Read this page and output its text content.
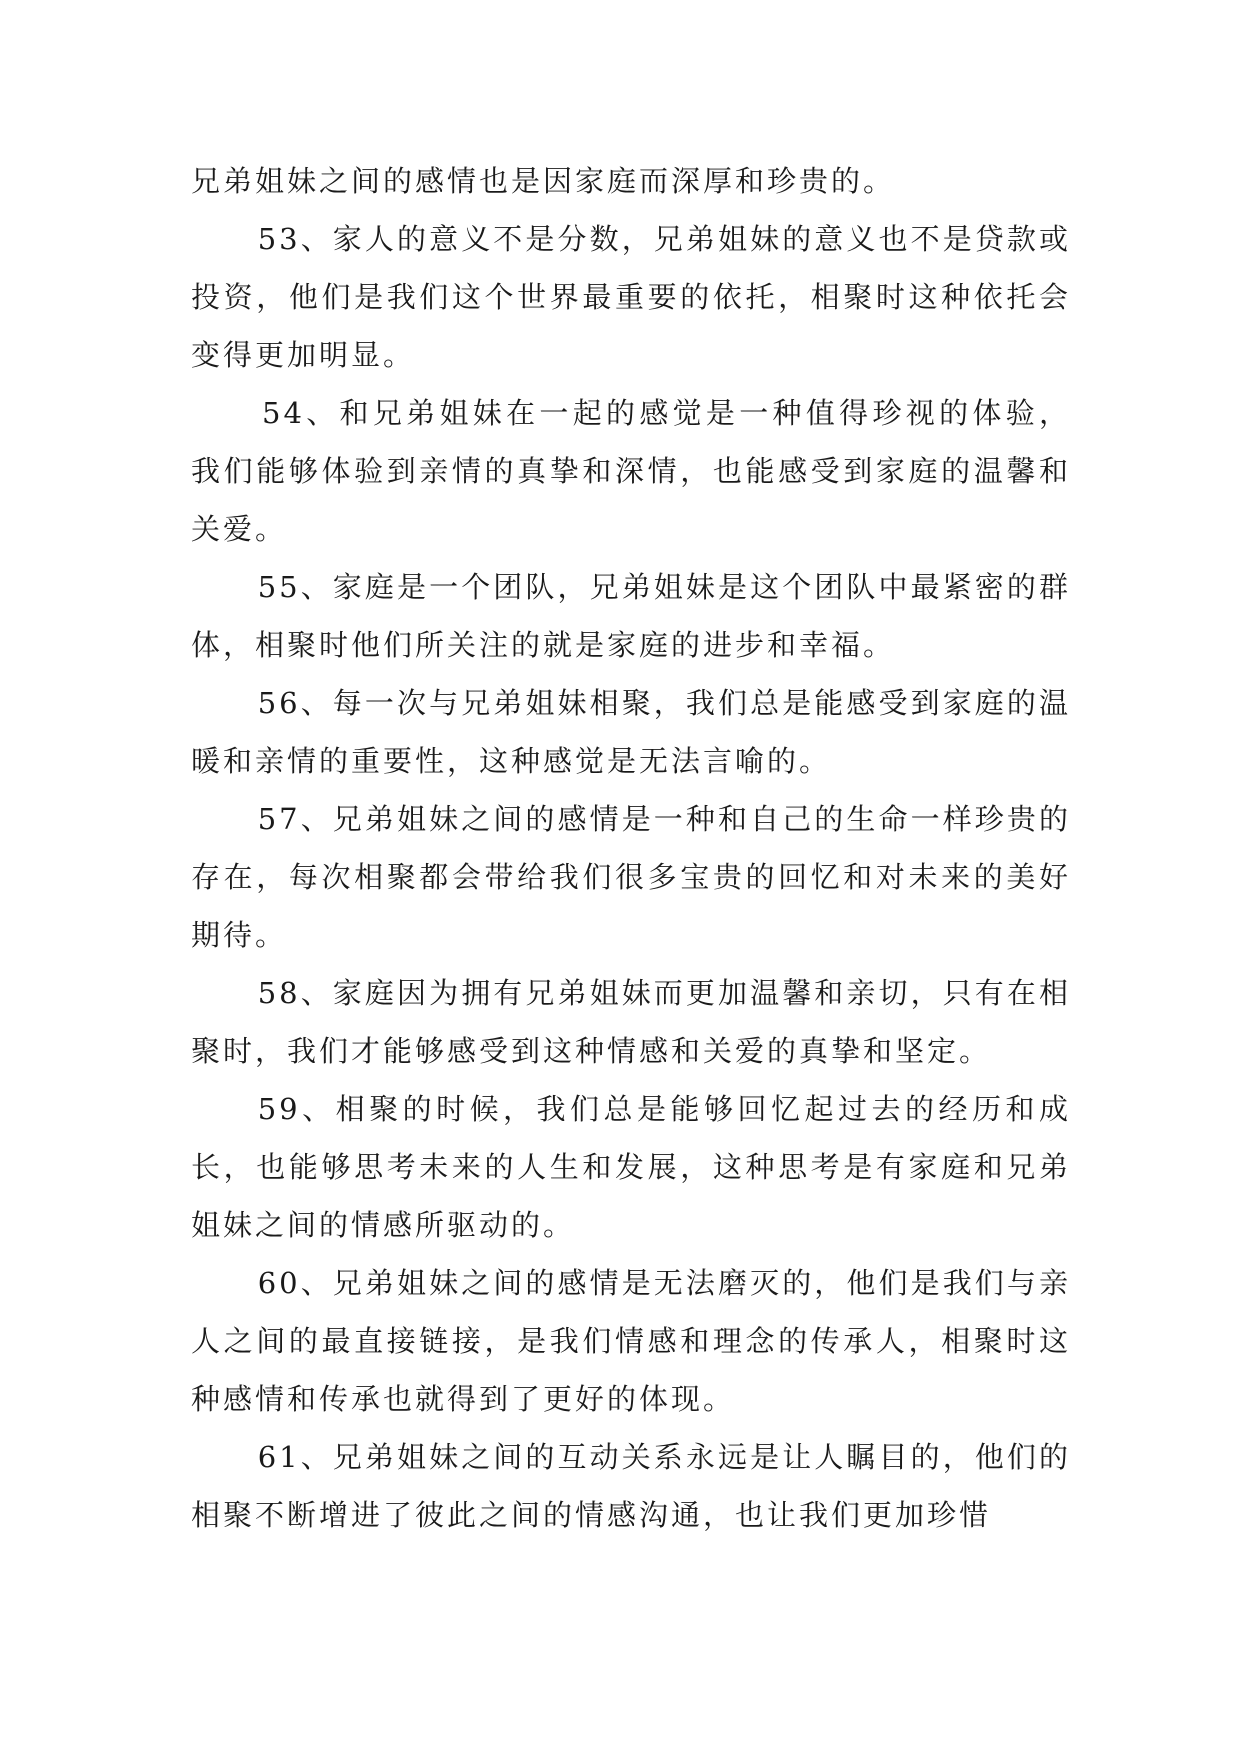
兄弟姐妹之间的感情也是因家庭而深厚和珍贵的。

53、家人的意义不是分数，兄弟姐妹的意义也不是贷款或投资，他们是我们这个世界最重要的依托，相聚时这种依托会变得更加明显。

54、和兄弟姐妹在一起的感觉是一种值得珍视的体验，我们能够体验到亲情的真挚和深情，也能感受到家庭的温馨和关爱。

55、家庭是一个团队，兄弟姐妹是这个团队中最紧密的群体，相聚时他们所关注的就是家庭的进步和幸福。

56、每一次与兄弟姐妹相聚，我们总是能感受到家庭的温暖和亲情的重要性，这种感觉是无法言喻的。

57、兄弟姐妹之间的感情是一种和自己的生命一样珍贵的存在，每次相聚都会带给我们很多宝贵的回忆和对未来的美好期待。

58、家庭因为拥有兄弟姐妹而更加温馨和亲切，只有在相聚时，我们才能够感受到这种情感和关爱的真挚和坚定。

59、相聚的时候，我们总是能够回忆起过去的经历和成长，也能够思考未来的人生和发展，这种思考是有家庭和兄弟姐妹之间的情感所驱动的。

60、兄弟姐妹之间的感情是无法磨灭的，他们是我们与亲人之间的最直接链接，是我们情感和理念的传承人，相聚时这种感情和传承也就得到了更好的体现。

61、兄弟姐妹之间的互动关系永远是让人瞩目的，他们的相聚不断增进了彼此之间的情感沟通，也让我们更加珍惜
